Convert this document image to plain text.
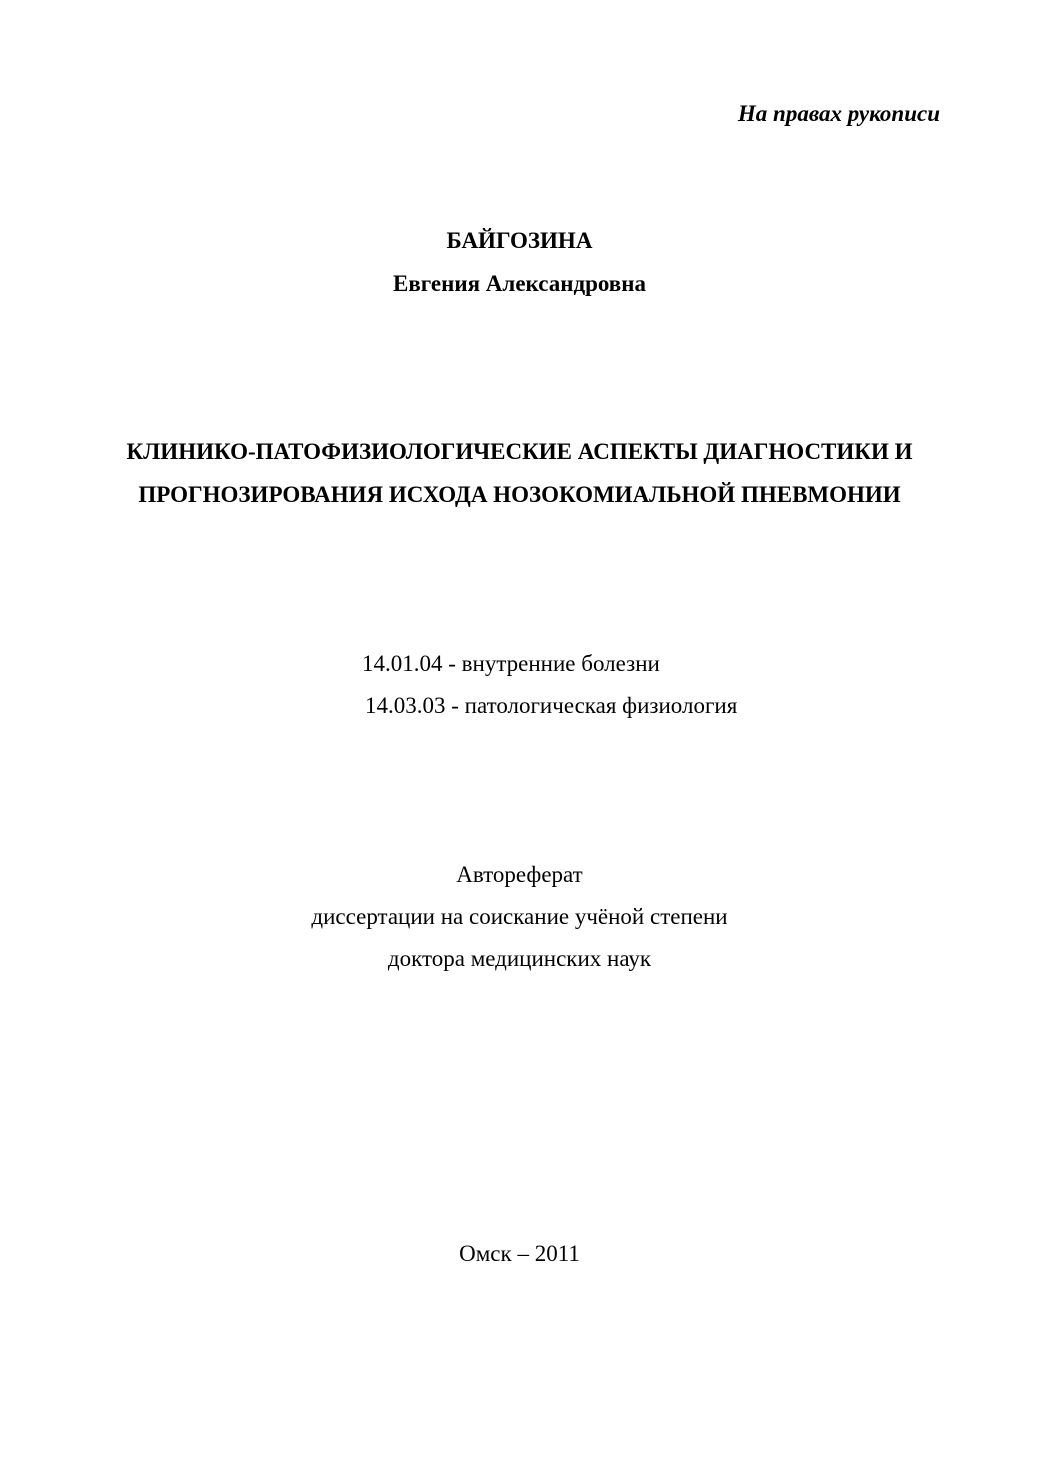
На правах рукописи
БАЙГОЗИНА
Евгения Александровна
КЛИНИКО-ПАТОФИЗИОЛОГИЧЕСКИЕ АСПЕКТЫ ДИАГНОСТИКИ И
ПРОГНОЗИРОВАНИЯ ИСХОДА НОЗОКОМИАЛЬНОЙ ПНЕВМОНИИ
14.01.04 - внутренние болезни
14.03.03 - патологическая физиология
Автореферат
диссертации на соискание учёной степени
доктора медицинских наук
Омск – 2011
